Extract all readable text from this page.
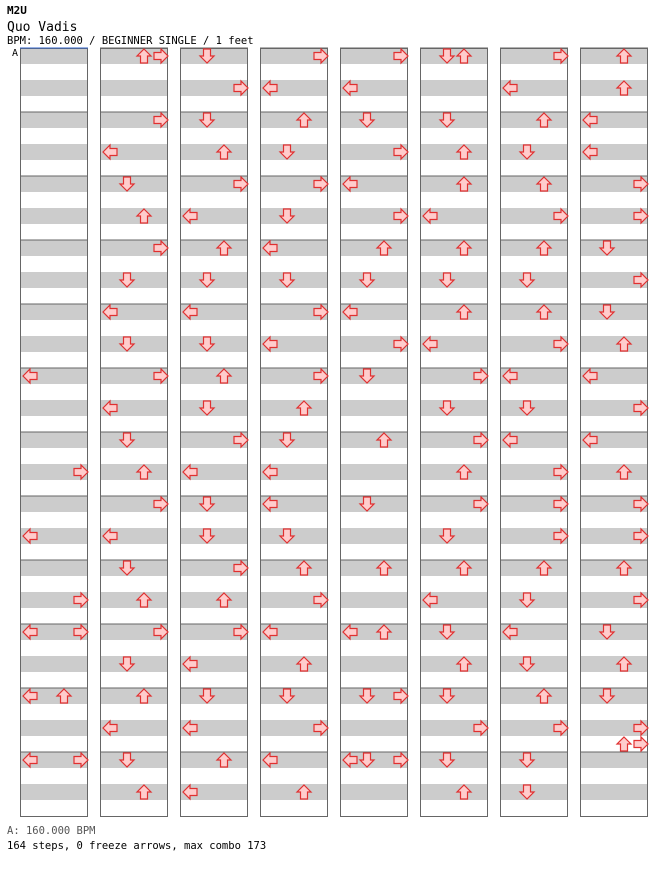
M2U
Quo Vadis
BPM: 160.000 / BEGINNER SINGLE / 1 feet
A
A: 160.000 BPM
164 steps, 0 freeze arrows, max combo 173
